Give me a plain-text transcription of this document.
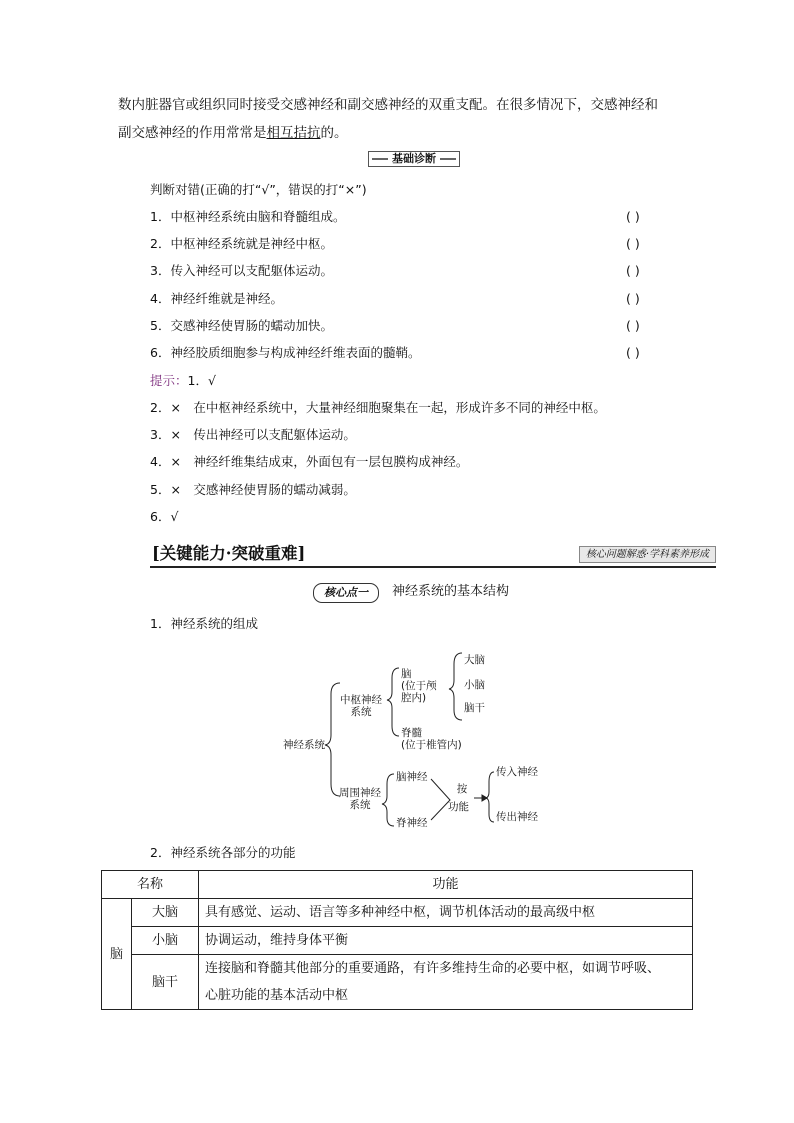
数内脏器官或组织同时接受交感神经和副交感神经的双重支配。在很多情况下，交感神经和
副交感神经的作用常常是相互拮抗的。
基础诊断
判断对错(正确的打“√”，错误的打“×”)
1．中枢神经系统由脑和脊髓组成。	( )
2．中枢神经系统就是神经中枢。	( )
3．传入神经可以支配躯体运动。	( )
4．神经纤维就是神经。	( )
5．交感神经使胃肠的蠕动加快。	( )
6．神经胶质细胞参与构成神经纤维表面的髓鞘。	( )
提示：1．√
2．×　在中枢神经系统中，大量神经细胞聚集在一起，形成许多不同的神经中枢。
3．×　传出神经可以支配躯体运动。
4．×　神经纤维集结成束，外面包有一层包膜构成神经。
5．×　交感神经使胃肠的蠕动减弱。
6．√
[关键能力·突破重难]	核心问题解惑·学科素养形成
核心点一	神经系统的基本结构
1．神经系统的组成
神经系统
中枢神经
系统
脑
(位于颅
腔内)
大脑
小脑
脑干
脊髓
(位于椎管内)
周围神经
系统
脑神经
脊神经
按
功能
传入神经
传出神经
2．神经系统各部分的功能
名称		功能
脑	大脑	具有感觉、运动、语言等多种神经中枢，调节机体活动的最高级中枢
	小脑	协调运动，维持身体平衡
	脑干	连接脑和脊髓其他部分的重要通路，有许多维持生命的必要中枢，如调节呼吸、
心脏功能的基本活动中枢
